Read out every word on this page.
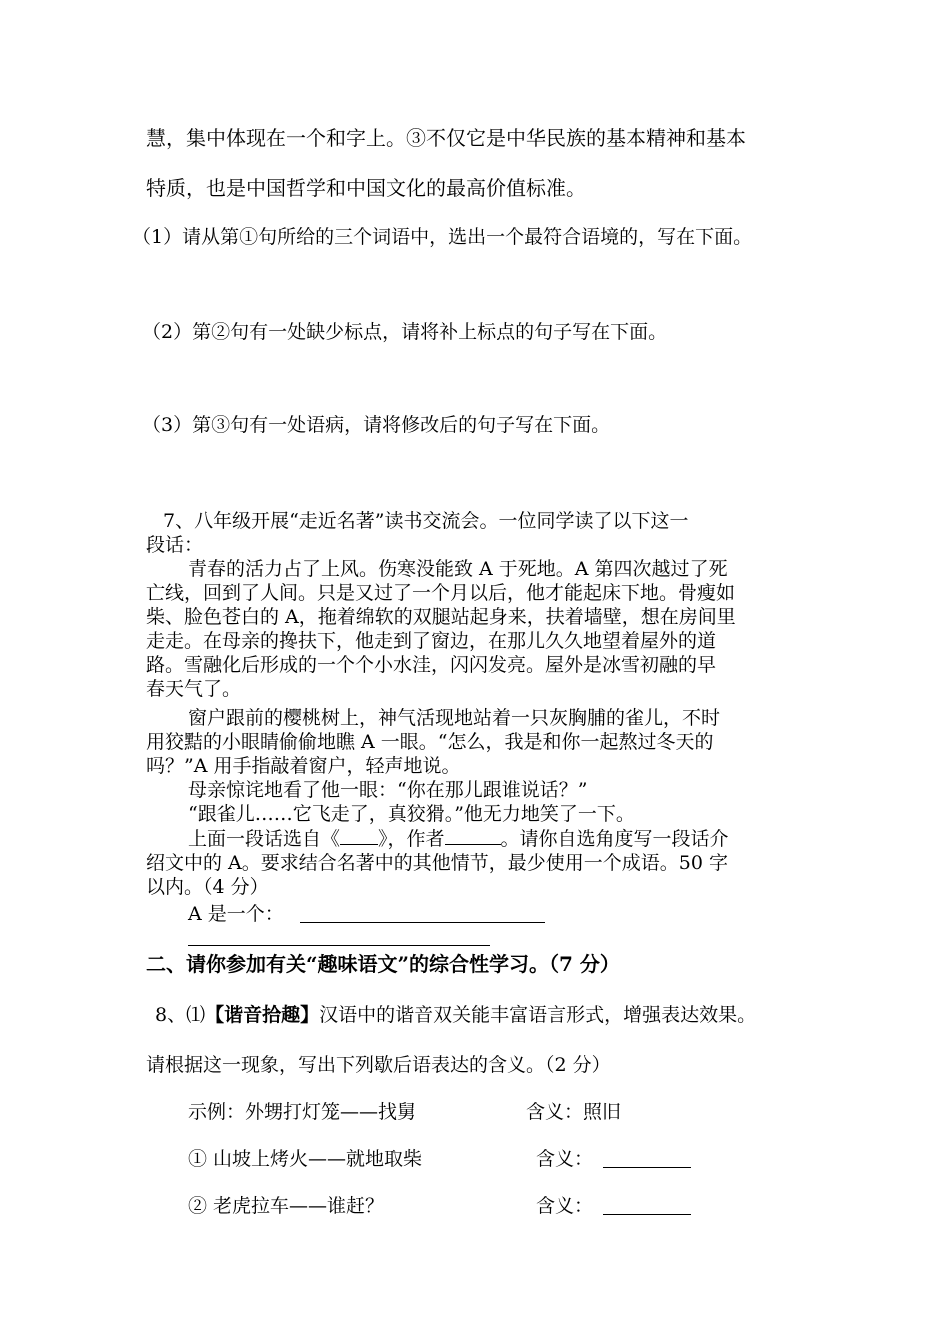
慧，集中体现在一个和字上。③不仅它是中华民族的基本精神和基本
特质，也是中国哲学和中国文化的最高价值标准。
（1）请从第①句所给的三个词语中，选出一个最符合语境的，写在下面。
（2）第②句有一处缺少标点，请将补上标点的句子写在下面。
（3）第③句有一处语病，请将修改后的句子写在下面。
7、八年级开展“走近名著”读书交流会。一位同学读了以下这一
段话：
青春的活力占了上风。伤寒没能致 A 于死地。A 第四次越过了死
亡线，回到了人间。只是又过了一个月以后，他才能起床下地。骨瘦如
柴、脸色苍白的 A，拖着绵软的双腿站起身来，扶着墙壁，想在房间里
走走。在母亲的搀扶下，他走到了窗边，在那儿久久地望着屋外的道
路。雪融化后形成的一个个小水洼，闪闪发亮。屋外是冰雪初融的早
春天气了。
窗户跟前的樱桃树上，神气活现地站着一只灰胸脯的雀儿，不时
用狡黠的小眼睛偷偷地瞧 A 一眼。“怎么，我是和你一起熬过冬天的
吗？”A 用手指敲着窗户，轻声地说。
母亲惊诧地看了他一眼：“你在那儿跟谁说话？”
“跟雀儿……它飞走了，真狡猾。”他无力地笑了一下。
上面一段话选自《 》，作者	。请你自选角度写一段话介
绍文中的 A。要求结合名著中的其他情节，最少使用一个成语。50 字
以内。（4 分）
A 是一个：
二、请你参加有关“趣味语文”的综合性学习。（7 分）
8、⑴【谐音拾趣】汉语中的谐音双关能丰富语言形式，增强表达效果。
请根据这一现象，写出下列歇后语表达的含义。（2 分）
示例：外甥打灯笼——找舅	含义：照旧
① 山坡上烤火——就地取柴	含义：
② 老虎拉车——谁赶？	含义：
